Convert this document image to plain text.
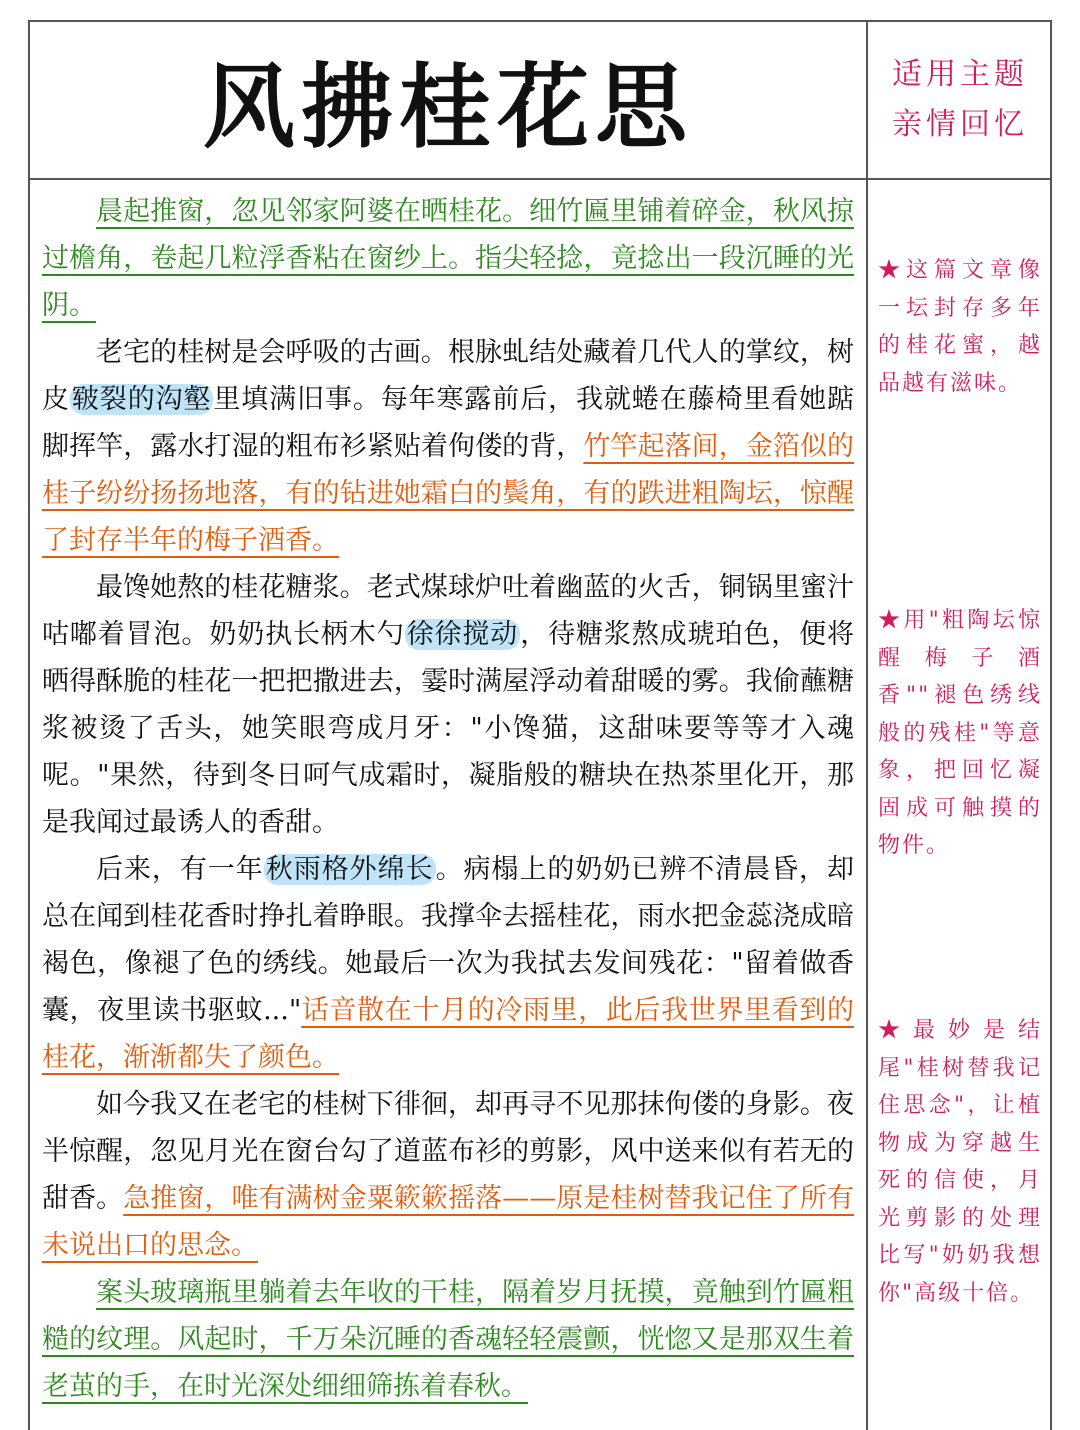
风拂桂花思	适用主题
亲情回忆

晨起推窗，忽见邻家阿婆在晒桂花。细竹匾里铺着碎金，秋风掠过檐角，卷起几粒浮香粘在窗纱上。指尖轻捻，竟捻出一段沉睡的光阴。

老宅的桂树是会呼吸的古画。根脉虬结处藏着几代人的掌纹，树皮皲裂的沟壑里填满旧事。每年寒露前后，我就蜷在藤椅里看她踮脚挥竿，露水打湿的粗布衫紧贴着佝偻的背，竹竿起落间，金箔似的桂子纷纷扬扬地落，有的钻进她霜白的鬓角，有的跌进粗陶坛，惊醒了封存半年的梅子酒香。

最馋她熬的桂花糖浆。老式煤球炉吐着幽蓝的火舌，铜锅里蜜汁咕嘟着冒泡。奶奶执长柄木勺徐徐搅动，待糖浆熬成琥珀色，便将晒得酥脆的桂花一把把撒进去，霎时满屋浮动着甜暖的雾。我偷蘸糖浆被烫了舌头，她笑眼弯成月牙："小馋猫，这甜味要等等才入魂呢。"果然，待到冬日呵气成霜时，凝脂般的糖块在热茶里化开，那是我闻过最诱人的香甜。

后来，有一年秋雨格外绵长。病榻上的奶奶已辨不清晨昏，却总在闻到桂花香时挣扎着睁眼。我撑伞去摇桂花，雨水把金蕊浇成暗褐色，像褪了色的绣线。她最后一次为我拭去发间残花："留着做香囊，夜里读书驱蚊..."话音散在十月的冷雨里，此后我世界里看到的桂花，渐渐都失了颜色。

如今我又在老宅的桂树下徘徊，却再寻不见那抹佝偻的身影。夜半惊醒，忽见月光在窗台勾了道蓝布衫的剪影，风中送来似有若无的甜香。急推窗，唯有满树金粟簌簌摇落——原是桂树替我记住了所有未说出口的思念。

案头玻璃瓶里躺着去年收的干桂，隔着岁月抚摸，竟触到竹匾粗糙的纹理。风起时，千万朵沉睡的香魂轻轻震颤，恍惚又是那双生着老茧的手，在时光深处细细筛拣着春秋。

★这篇文章像一坛封存多年的桂花蜜，越品越有滋味。
★用"粗陶坛惊醒梅子酒香""褪色绣线般的残桂"等意象，把回忆凝固成可触摸的物件。
★最妙是结尾"桂树替我记住思念"，让植物成为穿越生死的信使，月光剪影的处理比写"奶奶我想你"高级十倍。
